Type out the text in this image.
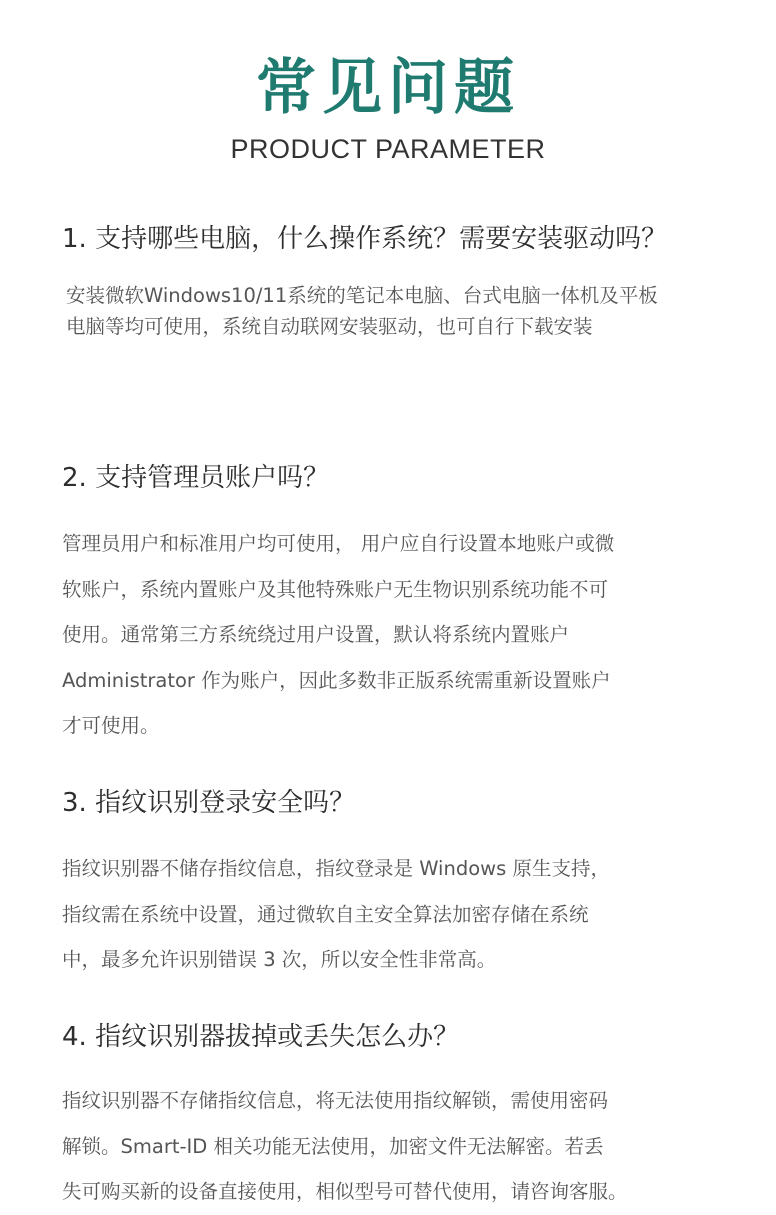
常见问题
PRODUCT PARAMETER
1. 支持哪些电脑，什么操作系统？需要安装驱动吗？
安装微软Windows10/11系统的笔记本电脑、台式电脑一体机及平板
电脑等均可使用，系统自动联网安装驱动，也可自行下载安装
2. 支持管理员账户吗？
管理员用户和标准用户均可使用， 用户应自行设置本地账户或微
软账户，系统内置账户及其他特殊账户无生物识别系统功能不可
使用。通常第三方系统绕过用户设置，默认将系统内置账户
Administrator 作为账户，因此多数非正版系统需重新设置账户
才可使用。
3. 指纹识别登录安全吗？
指纹识别器不储存指纹信息，指纹登录是 Windows 原生支持，
指纹需在系统中设置，通过微软自主安全算法加密存储在系统
中，最多允许识别错误 3 次，所以安全性非常高。
4. 指纹识别器拔掉或丢失怎么办？
指纹识别器不存储指纹信息，将无法使用指纹解锁，需使用密码
解锁。Smart-ID 相关功能无法使用，加密文件无法解密。若丢
失可购买新的设备直接使用，相似型号可替代使用，请咨询客服。
